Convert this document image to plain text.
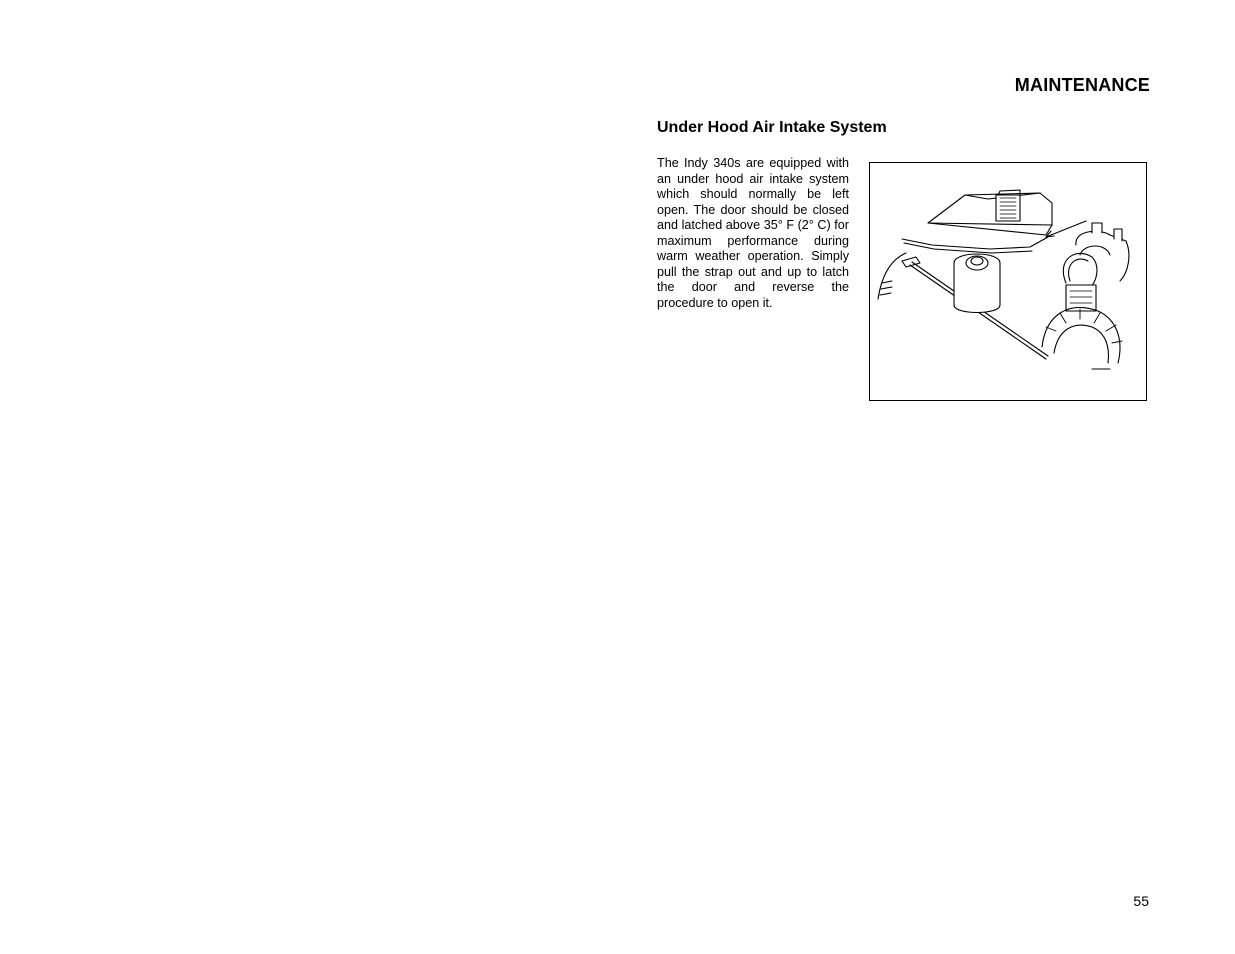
MAINTENANCE
Under Hood Air Intake System
The Indy 340s are equipped with an under hood air intake system which should normally be left open. The door should be closed and latched above 35° F (2° C) for maximum performance during warm weather operation. Simply pull the strap out and up to latch the door and reverse the procedure to open it.
55
